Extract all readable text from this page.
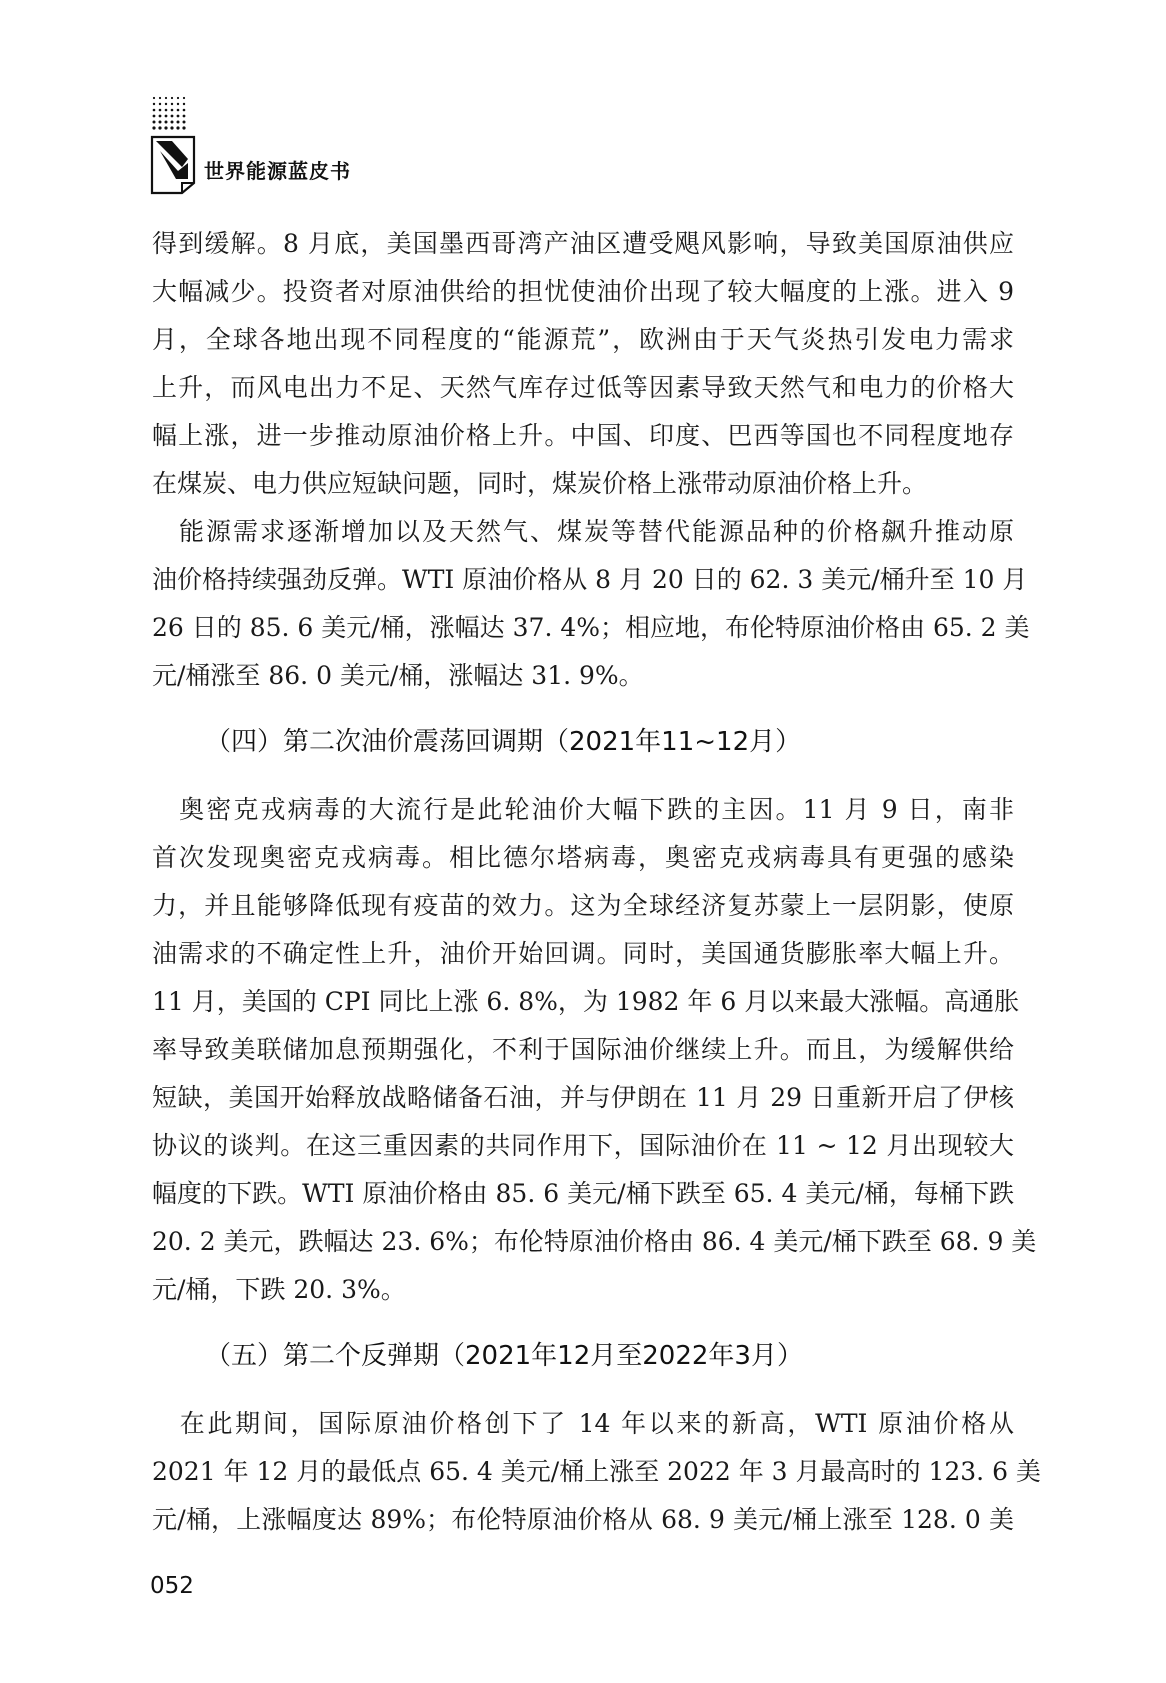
世界能源蓝皮书
得到缓解。8 月底，美国墨西哥湾产油区遭受飓风影响，导致美国原油供应
大幅减少。投资者对原油供给的担忧使油价出现了较大幅度的上涨。进入 9
月，全球各地出现不同程度的“能源荒”，欧洲由于天气炎热引发电力需求
上升，而风电出力不足、天然气库存过低等因素导致天然气和电力的价格大
幅上涨，进一步推动原油价格上升。中国、印度、巴西等国也不同程度地存
在煤炭、电力供应短缺问题，同时，煤炭价格上涨带动原油价格上升。
　能源需求逐渐增加以及天然气、煤炭等替代能源品种的价格飙升推动原
油价格持续强劲反弹。WTI 原油价格从 8 月 20 日的 62. 3 美元/桶升至 10 月
26 日的 85. 6 美元/桶，涨幅达 37. 4%；相应地，布伦特原油价格由 65. 2 美
元/桶涨至 86. 0 美元/桶，涨幅达 31. 9%。
（四）第二次油价震荡回调期（2021年11~12月）
　奥密克戎病毒的大流行是此轮油价大幅下跌的主因。11 月 9 日，南非
首次发现奥密克戎病毒。相比德尔塔病毒，奥密克戎病毒具有更强的感染
力，并且能够降低现有疫苗的效力。这为全球经济复苏蒙上一层阴影，使原
油需求的不确定性上升，油价开始回调。同时，美国通货膨胀率大幅上升。
11 月，美国的 CPI 同比上涨 6. 8%，为 1982 年 6 月以来最大涨幅。高通胀
率导致美联储加息预期强化，不利于国际油价继续上升。而且，为缓解供给
短缺，美国开始释放战略储备石油，并与伊朗在 11 月 29 日重新开启了伊核
协议的谈判。在这三重因素的共同作用下，国际油价在 11 ~ 12 月出现较大
幅度的下跌。WTI 原油价格由 85. 6 美元/桶下跌至 65. 4 美元/桶，每桶下跌
20. 2 美元，跌幅达 23. 6%；布伦特原油价格由 86. 4 美元/桶下跌至 68. 9 美
元/桶，下跌 20. 3%。
（五）第二个反弹期（2021年12月至2022年3月）
　在此期间，国际原油价格创下了 14 年以来的新高，WTI 原油价格从
2021 年 12 月的最低点 65. 4 美元/桶上涨至 2022 年 3 月最高时的 123. 6 美
元/桶，上涨幅度达 89%；布伦特原油价格从 68. 9 美元/桶上涨至 128. 0 美
052
